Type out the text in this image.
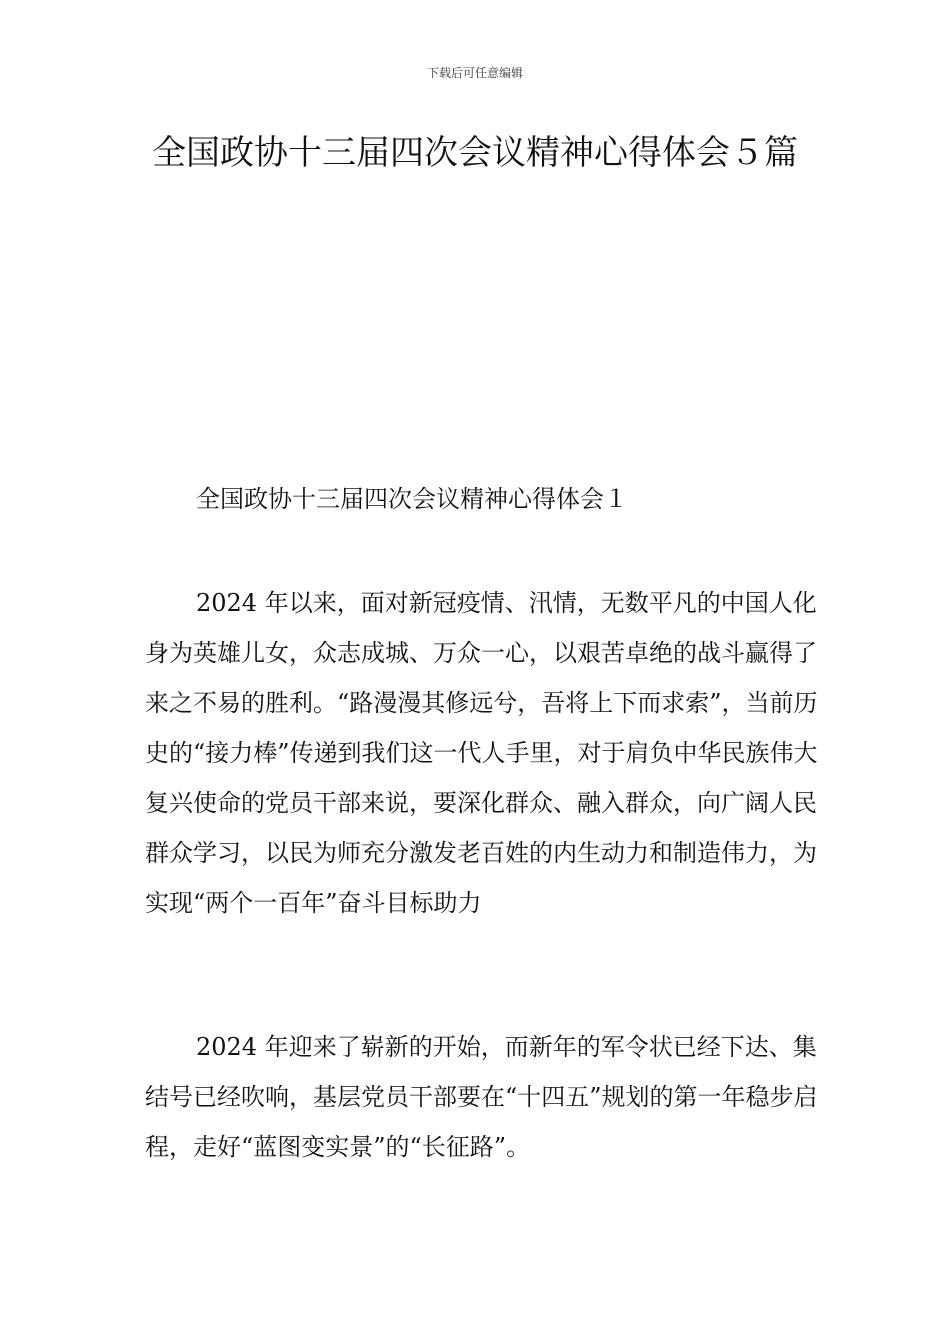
下载后可任意编辑
全国政协十三届四次会议精神心得体会５篇
全国政协十三届四次会议精神心得体会１

2024 年以来，面对新冠疫情、汛情，无数平凡的中国人化身为英雄儿女，众志成城、万众一心，以艰苦卓绝的战斗赢得了来之不易的胜利。“路漫漫其修远兮，吾将上下而求索”，当前历史的“接力棒”传递到我们这一代人手里，对于肩负中华民族伟大复兴使命的党员干部来说，要深化群众、融入群众，向广阔人民群众学习，以民为师充分激发老百姓的内生动力和制造伟力，为实现“两个一百年”奋斗目标助力

2024 年迎来了崭新的开始，而新年的军令状已经下达、集结号已经吹响，基层党员干部要在“十四五”规划的第一年稳步启程，走好“蓝图变实景”的“长征路”。
